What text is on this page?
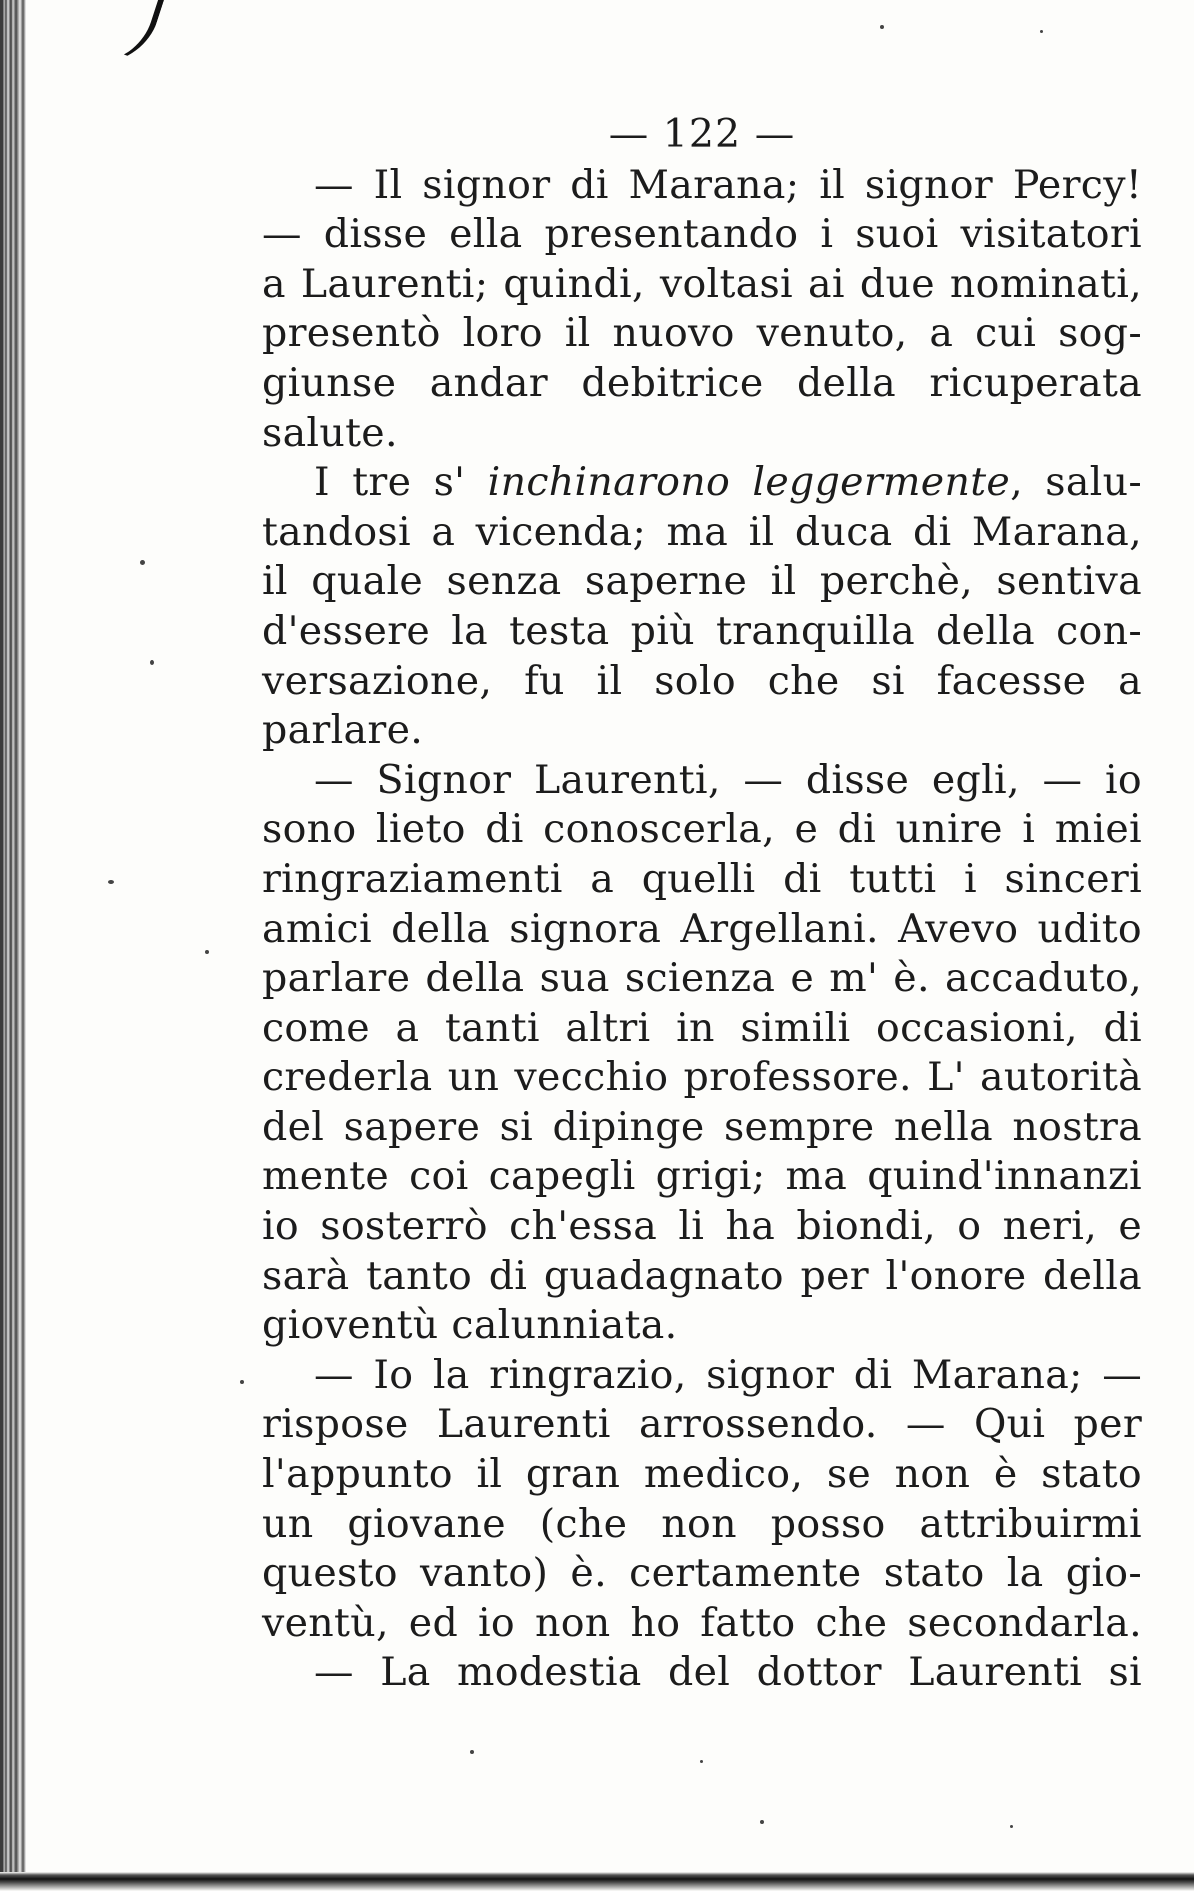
— 122 —
— Il signor di Marana; il signor Percy!
— disse ella presentando i suoi visitatori
a Laurenti; quindi, voltasi ai due nominati,
presentò loro il nuovo venuto, a cui sog-
giunse andar debitrice della ricuperata
salute.
I tre s' inchinarono leggermente, salu-
tandosi a vicenda; ma il duca di Marana,
il quale senza saperne il perchè, sentiva
d'essere la testa più tranquilla della con-
versazione, fu il solo che si facesse a
parlare.
— Signor Laurenti, — disse egli, — io
sono lieto di conoscerla, e di unire i miei
ringraziamenti a quelli di tutti i sinceri
amici della signora Argellani. Avevo udito
parlare della sua scienza e m' è. accaduto,
come a tanti altri in simili occasioni, di
crederla un vecchio professore. L' autorità
del sapere si dipinge sempre nella nostra
mente coi capegli grigi; ma quind'innanzi
io sosterrò ch'essa li ha biondi, o neri, e
sarà tanto di guadagnato per l'onore della
gioventù calunniata.
— Io la ringrazio, signor di Marana; —
rispose Laurenti arrossendo. — Qui per
l'appunto il gran medico, se non è stato
un giovane (che non posso attribuirmi
questo vanto) è. certamente stato la gio-
ventù, ed io non ho fatto che secondarla.
— La modestia del dottor Laurenti si
